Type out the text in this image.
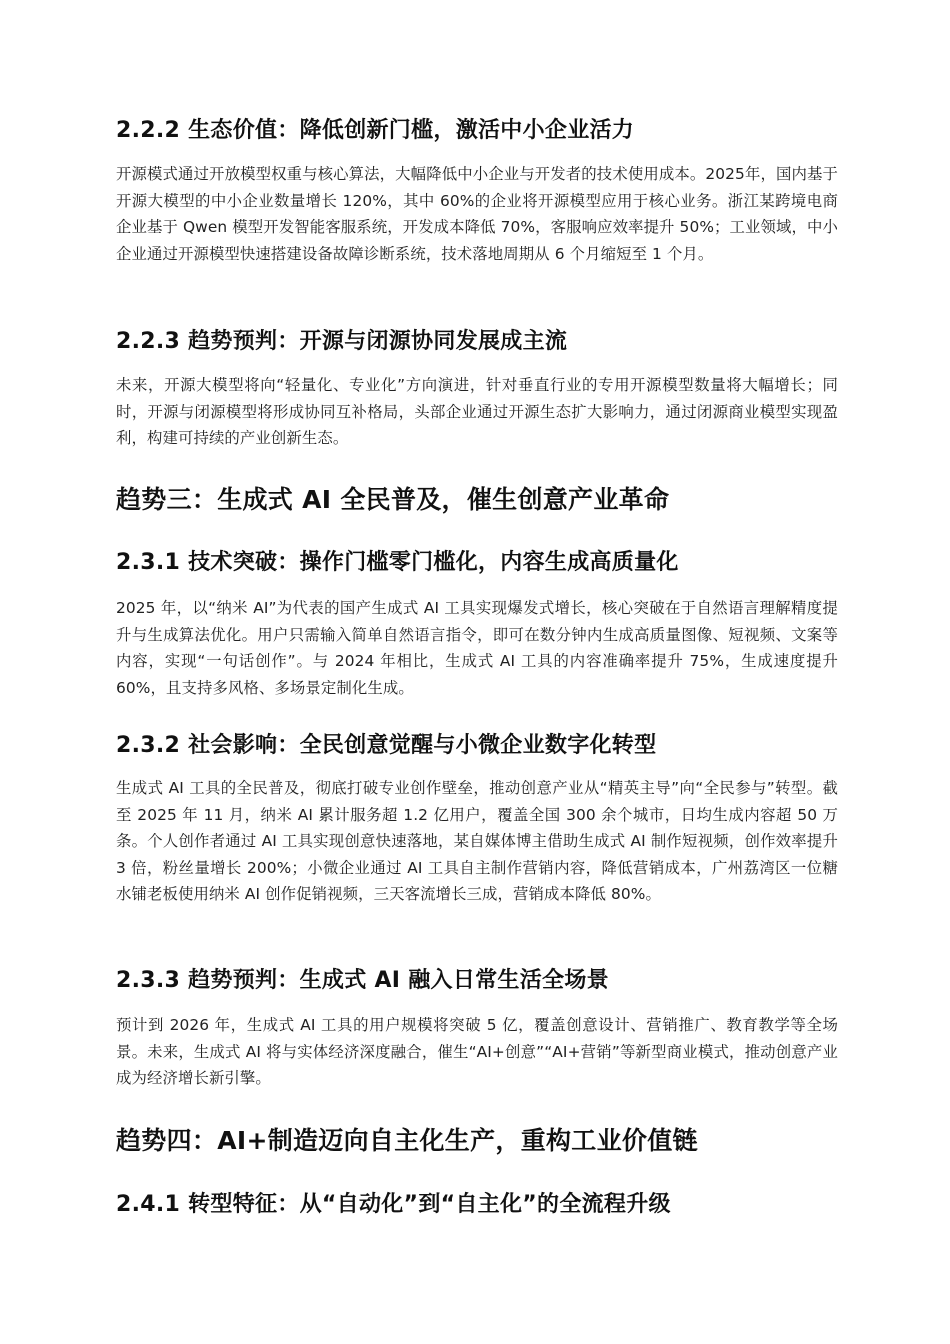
2.2.2 生态价值：降低创新门槛，激活中小企业活力

开源模式通过开放模型权重与核心算法，大幅降低中小企业与开发者的技术使用成本。2025年，国内基于开源大模型的中小企业数量增长 120%，其中 60%的企业将开源模型应用于核心业务。浙江某跨境电商企业基于 Qwen 模型开发智能客服系统，开发成本降低 70%，客服响应效率提升 50%；工业领域，中小企业通过开源模型快速搭建设备故障诊断系统，技术落地周期从 6 个月缩短至 1 个月。

2.2.3 趋势预判：开源与闭源协同发展成主流

未来，开源大模型将向“轻量化、专业化”方向演进，针对垂直行业的专用开源模型数量将大幅增长；同时，开源与闭源模型将形成协同互补格局，头部企业通过开源生态扩大影响力，通过闭源商业模型实现盈利，构建可持续的产业创新生态。

趋势三：生成式 AI 全民普及，催生创意产业革命
2.3.1 技术突破：操作门槛零门槛化，内容生成高质量化

2025 年，以“纳米 AI”为代表的国产生成式 AI 工具实现爆发式增长，核心突破在于自然语言理解精度提升与生成算法优化。用户只需输入简单自然语言指令，即可在数分钟内生成高质量图像、短视频、文案等内容，实现“一句话创作”。与 2024 年相比，生成式 AI 工具的内容准确率提升 75%，生成速度提升 60%，且支持多风格、多场景定制化生成。

2.3.2 社会影响：全民创意觉醒与小微企业数字化转型

生成式 AI 工具的全民普及，彻底打破专业创作壁垒，推动创意产业从“精英主导”向“全民参与”转型。截至 2025 年 11 月，纳米 AI 累计服务超 1.2 亿用户，覆盖全国 300 余个城市，日均生成内容超 50 万条。个人创作者通过 AI 工具实现创意快速落地，某自媒体博主借助生成式 AI 制作短视频，创作效率提升 3 倍，粉丝量增长 200%；小微企业通过 AI 工具自主制作营销内容，降低营销成本，广州荔湾区一位糖水铺老板使用纳米 AI 创作促销视频，三天客流增长三成，营销成本降低 80%。

2.3.3 趋势预判：生成式 AI 融入日常生活全场景

预计到 2026 年，生成式 AI 工具的用户规模将突破 5 亿，覆盖创意设计、营销推广、教育教学等全场景。未来，生成式 AI 将与实体经济深度融合，催生“AI+创意”“AI+营销”等新型商业模式，推动创意产业成为经济增长新引擎。

趋势四：AI+制造迈向自主化生产，重构工业价值链
2.4.1 转型特征：从“自动化”到“自主化”的全流程升级
